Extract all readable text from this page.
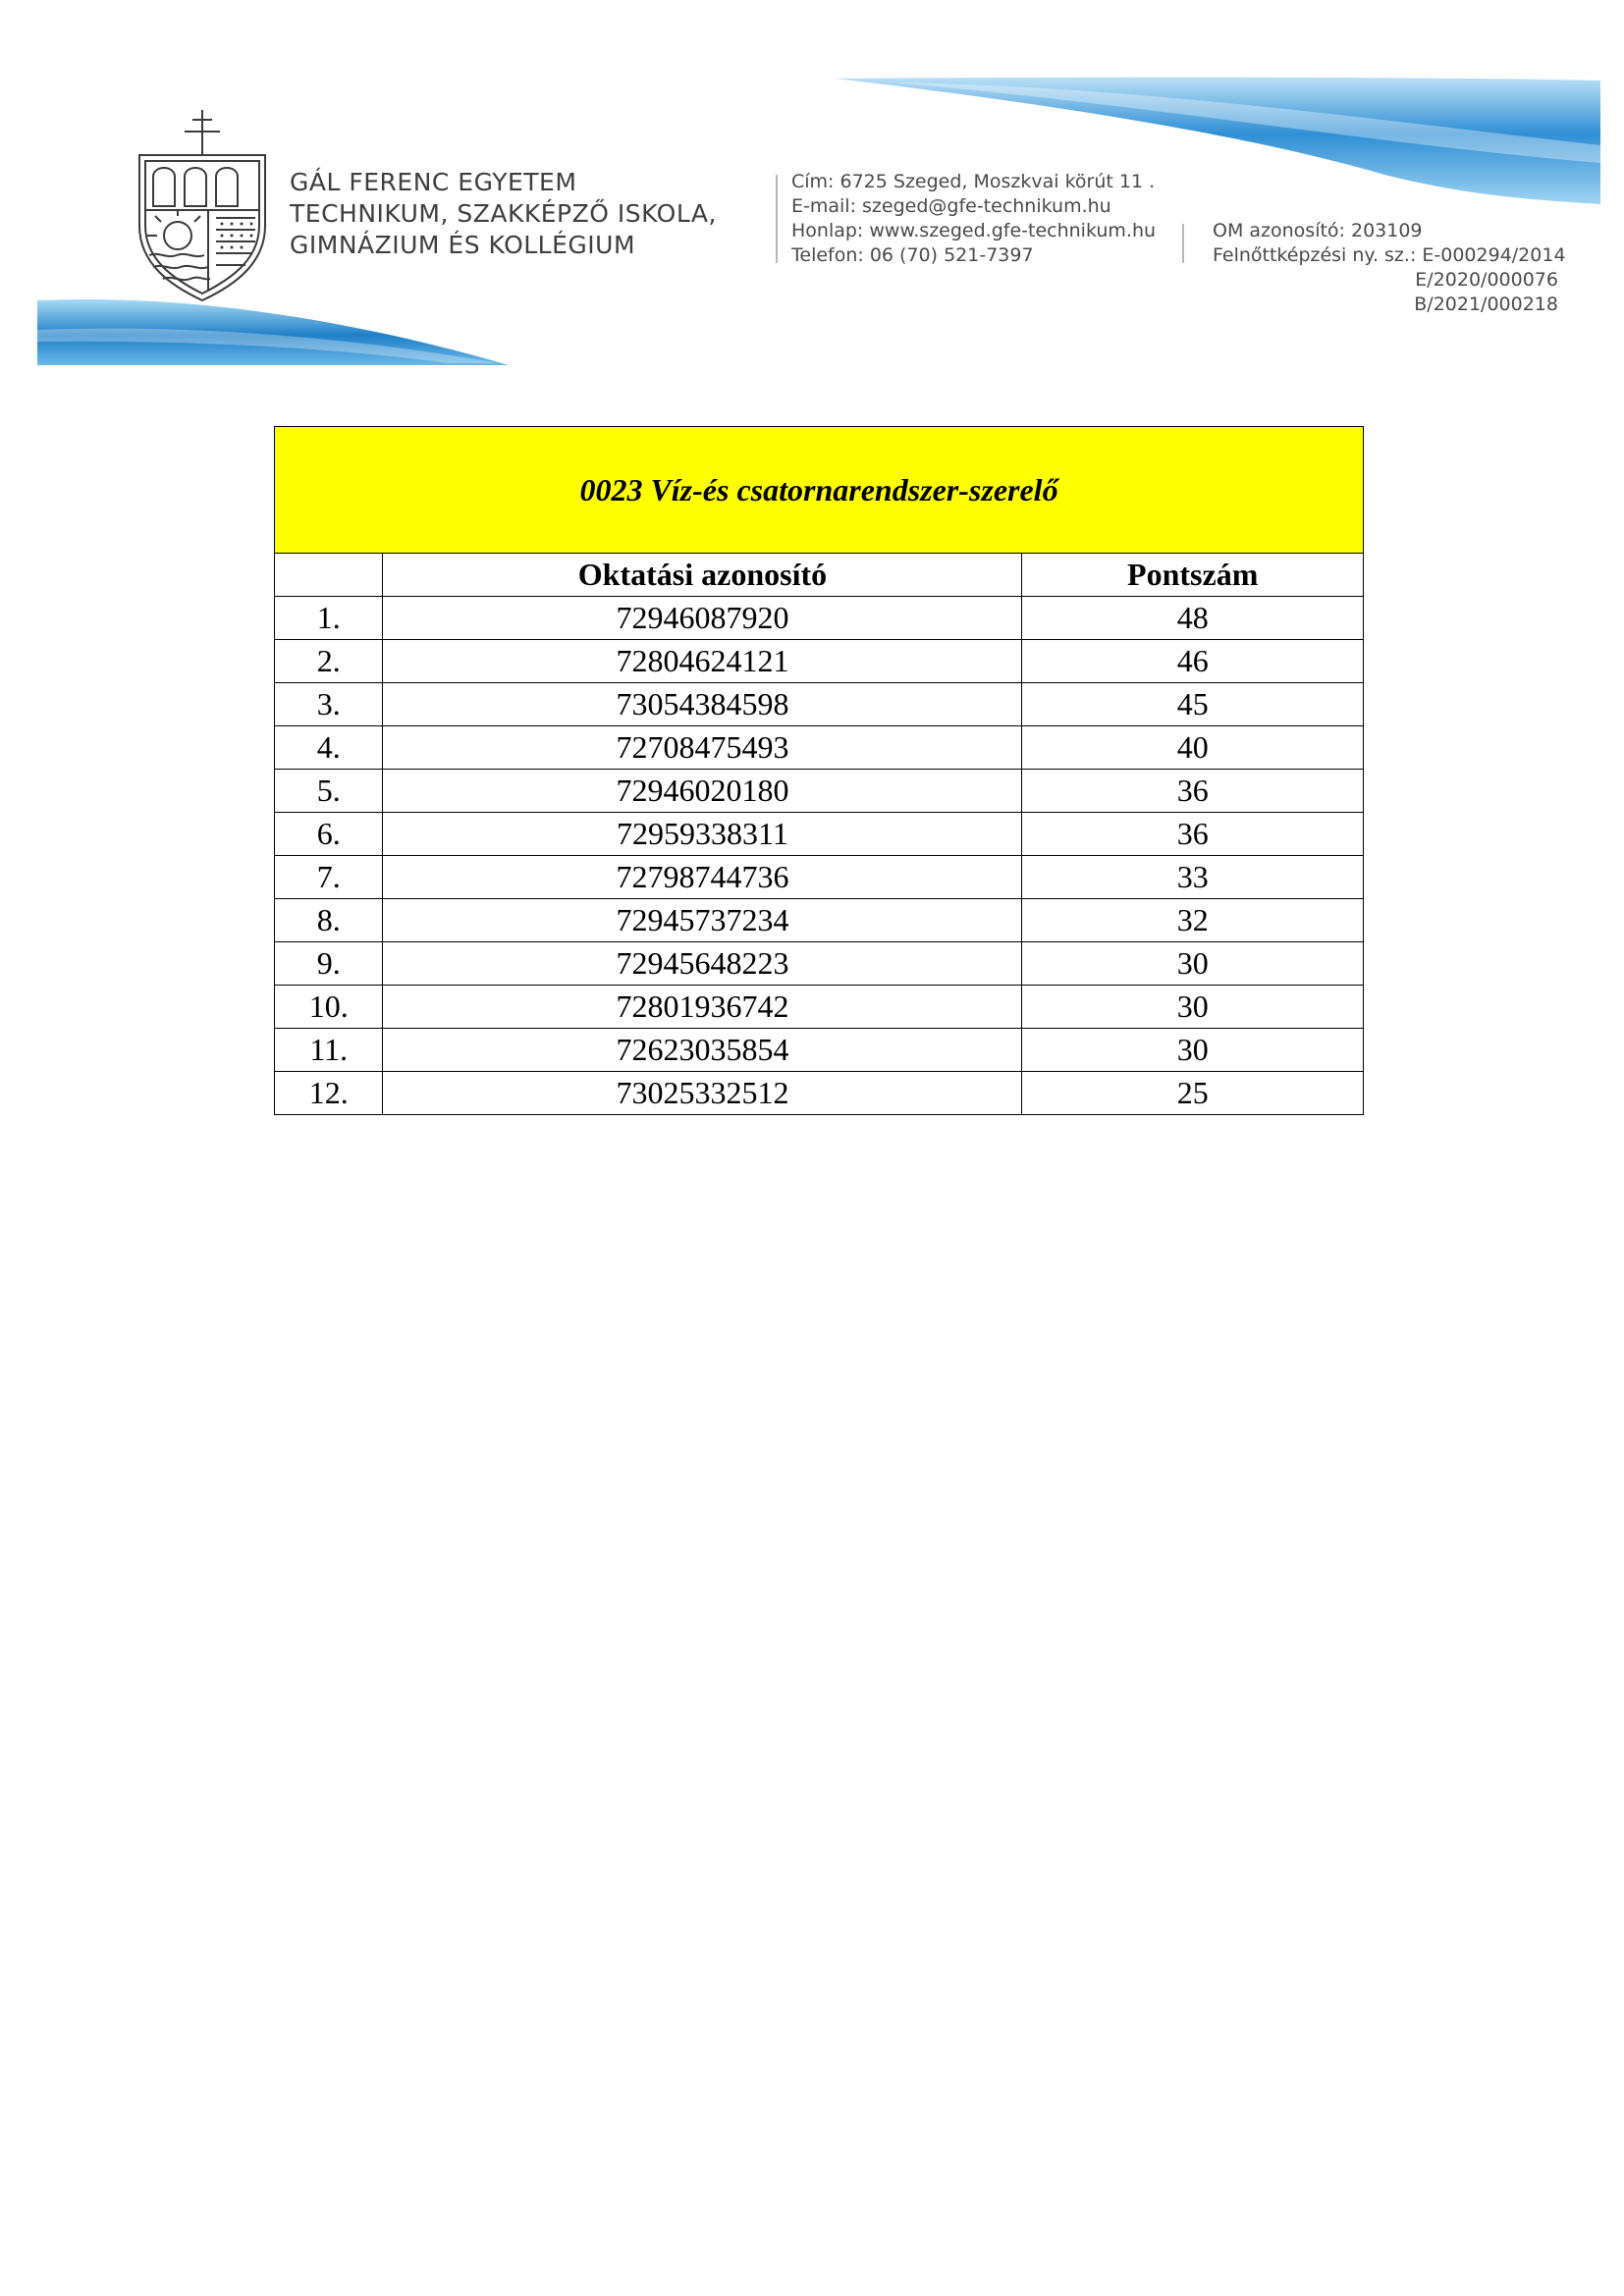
GÁL FERENC EGYETEM
TECHNIKUM, SZAKKÉPZŐ ISKOLA,
GIMNÁZIUM ÉS KOLLÉGIUM
Cím: 6725 Szeged, Moszkvai körút 11 .
E-mail: szeged@gfe-technikum.hu
Honlap: www.szeged.gfe-technikum.hu
Telefon: 06 (70) 521-7397
OM azonosító: 203109
Felnőttképzési ny. sz.: E-000294/2014
E/2020/000076
B/2021/000218
0023 Víz-és csatornarendszer-szerelő		
	Oktatási azonosító	Pontszám
1.	72946087920	48
2.	72804624121	46
3.	73054384598	45
4.	72708475493	40
5.	72946020180	36
6.	72959338311	36
7.	72798744736	33
8.	72945737234	32
9.	72945648223	30
10.	72801936742	30
11.	72623035854	30
12.	73025332512	25
